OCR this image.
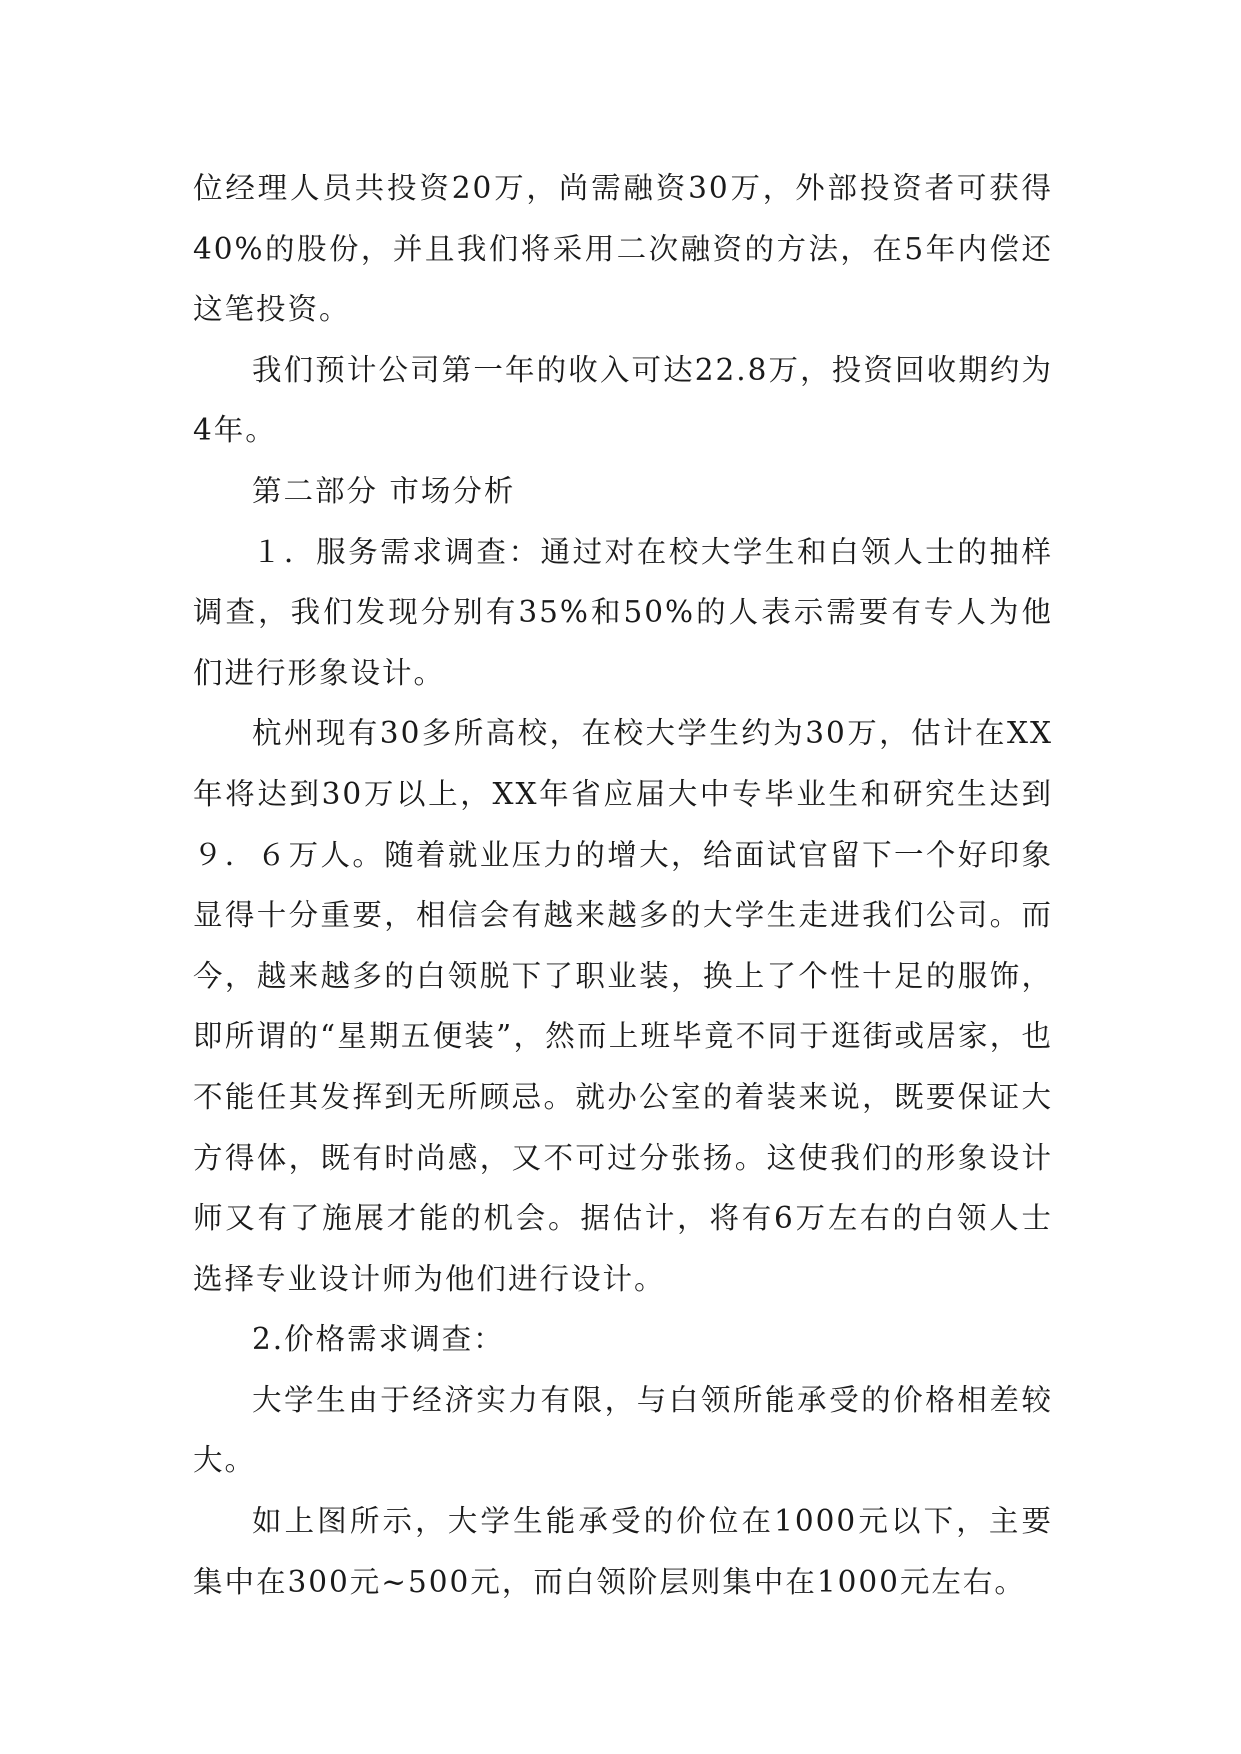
位经理人员共投资20万，尚需融资30万，外部投资者可获得40%的股份，并且我们将采用二次融资的方法，在5年内偿还这笔投资。

我们预计公司第一年的收入可达22.8万，投资回收期约为4年。

第二部分 市场分析

１．服务需求调查：通过对在校大学生和白领人士的抽样调查，我们发现分别有35%和50%的人表示需要有专人为他们进行形象设计。

杭州现有30多所高校，在校大学生约为30万，估计在XX年将达到30万以上，XX年省应届大中专毕业生和研究生达到９．６万人。随着就业压力的增大，给面试官留下一个好印象显得十分重要，相信会有越来越多的大学生走进我们公司。而今，越来越多的白领脱下了职业装，换上了个性十足的服饰，即所谓的“星期五便装”，然而上班毕竟不同于逛街或居家，也不能任其发挥到无所顾忌。就办公室的着装来说，既要保证大方得体，既有时尚感，又不可过分张扬。这使我们的形象设计师又有了施展才能的机会。据估计，将有6万左右的白领人士选择专业设计师为他们进行设计。

2.价格需求调查：

大学生由于经济实力有限，与白领所能承受的价格相差较大。

如上图所示，大学生能承受的价位在1000元以下，主要集中在300元~500元，而白领阶层则集中在1000元左右。
